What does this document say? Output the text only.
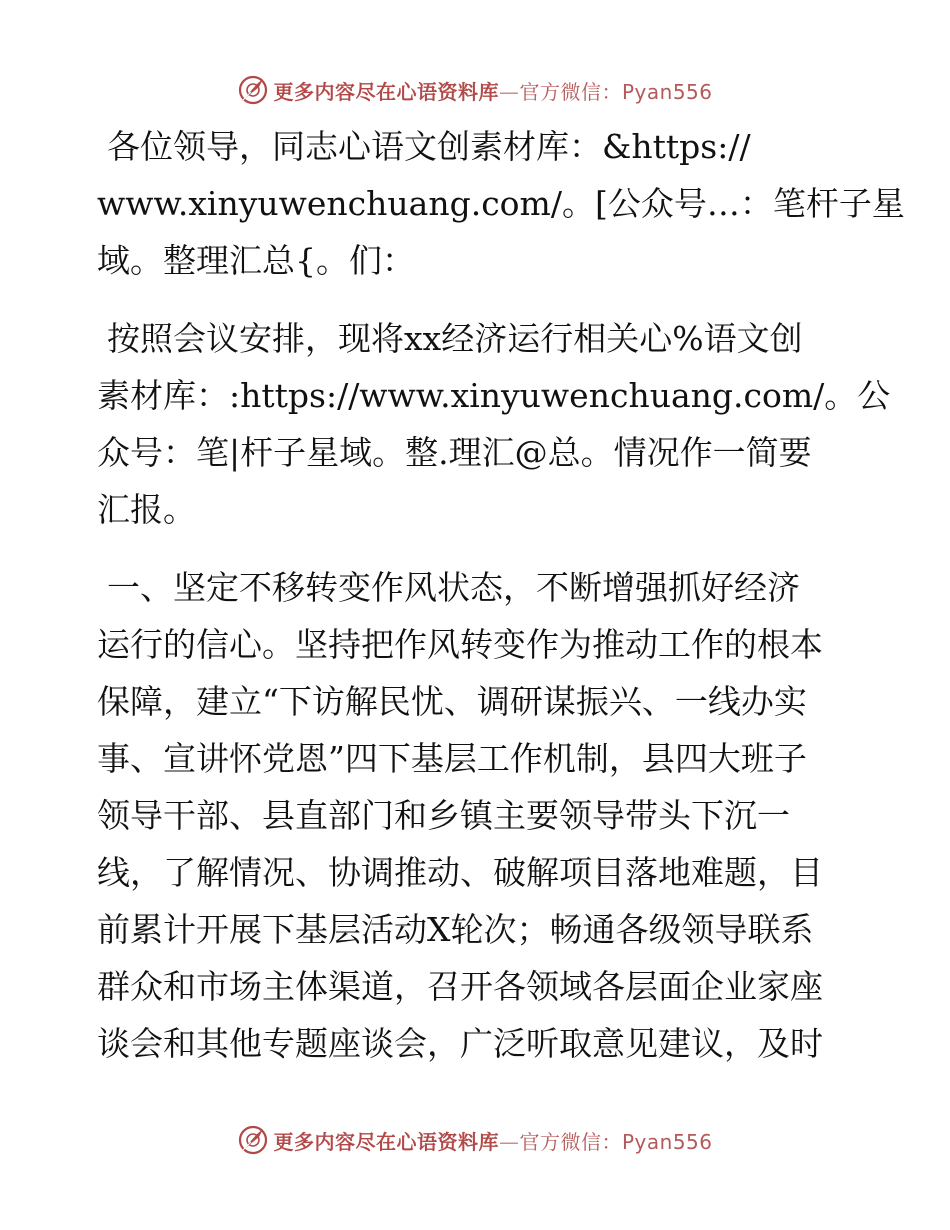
更多内容尽在心语资料库—官方微信：Pyan556
各位领导，同志心语文创素材库：&https://
www.xinyuwenchuang.com/。[公众号…：笔杆子星
域。整理汇总{。们：
按照会议安排，现将xx经济运行相关心%语文创
素材库：:https://www.xinyuwenchuang.com/。公
众号：笔|杆子星域。整.理汇@总。情况作一简要
汇报。
一、坚定不移转变作风状态，不断增强抓好经济
运行的信心。坚持把作风转变作为推动工作的根本
保障，建立“下访解民忧、调研谋振兴、一线办实
事、宣讲怀党恩”四下基层工作机制，县四大班子
领导干部、县直部门和乡镇主要领导带头下沉一
线，了解情况、协调推动、破解项目落地难题，目
前累计开展下基层活动X轮次；畅通各级领导联系
群众和市场主体渠道，召开各领域各层面企业家座
谈会和其他专题座谈会，广泛听取意见建议，及时
更多内容尽在心语资料库—官方微信：Pyan556
